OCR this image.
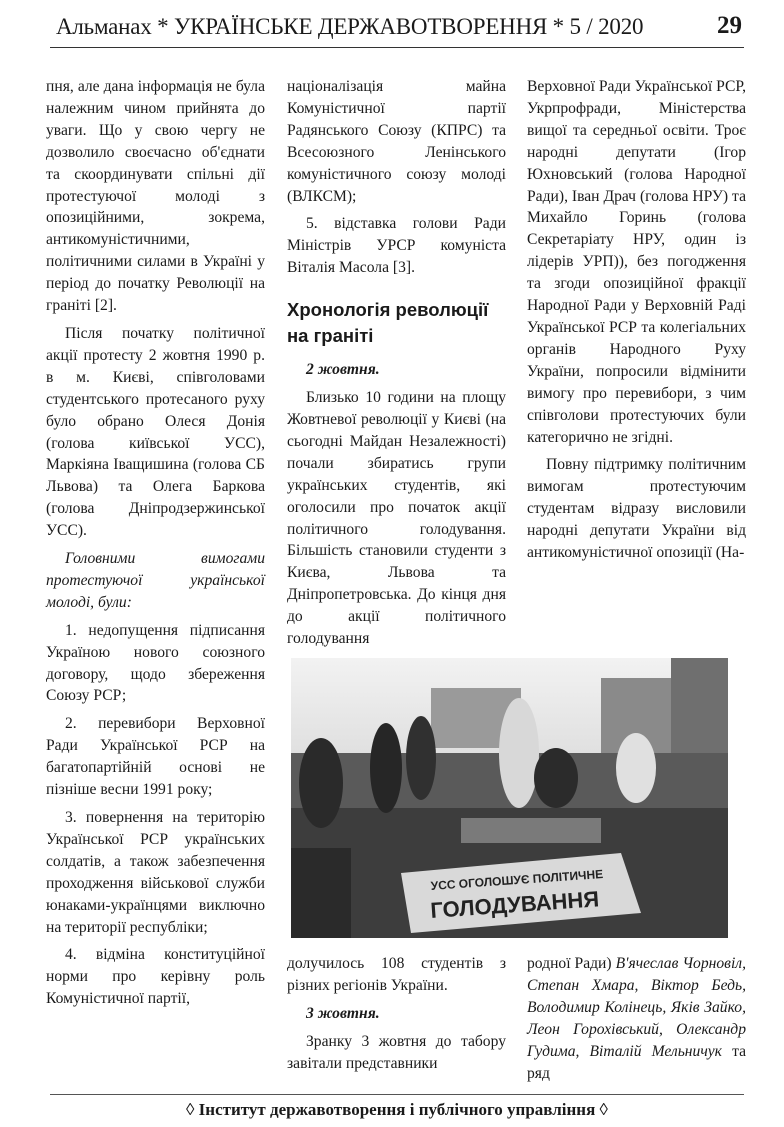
Альманах * УКРАЇНСЬКЕ ДЕРЖАВОТВОРЕННЯ * 5 / 2020	29

пня, але дана інформація не була належним чином прийнята до уваги. Що у свою чергу не дозволило своєчасно об'єднати та скоординувати спільні дії протестуючої молоді з опозиційними, зокрема, антикомуністичними, політичними силами в Україні у період до початку Революції на граніті [2].

Після початку політичної акції протесту 2 жовтня 1990 р. в м. Києві, співголовами студентського протесаного руху було обрано Олеся Донія (голова київської УСС), Маркіяна Іващишина (голова СБ Львова) та Олега Баркова (голова Дніпродзержинської УСС).

Головними вимогами протестуючої української молоді, були:

1. недопущення підписання Україною нового союзного договору, щодо збереження Союзу РСР;

2. перевибори Верховної Ради Української РСР на багатопартійній основі не пізніше весни 1991 року;

3. повернення на територію Української РСР українських солдатів, а також забезпечення проходження військової служби юнаками-українцями виключно на території республіки;

4. відміна конституційної норми про керівну роль Комуністичної партії,

націоналізація майна Комуністичної партії Радянського Союзу (КПРС) та Всесоюзного Ленінського комуністичного союзу молоді (ВЛКСМ);

5. відставка голови Ради Міністрів УРСР комуніста Віталія Масола [3].

Хронологія революції на граніті

2 жовтня.

Близько 10 години на площу Жовтневої революції у Києві (на сьогодні Майдан Незалежності) почали збиратись групи українських студентів, які оголосили про початок акції політичного голодування. Більшість становили студенти з Києва, Львова та Дніпропетровська. До кінця дня до акції політичного голодування

Верховної Ради Української РСР, Укрпрофради, Міністерства вищої та середньої освіти. Троє народні депутати (Ігор Юхновський (голова Народної Ради), Іван Драч (голова НРУ) та Михайло Горинь (голова Секретаріату НРУ, один із лідерів УРП)), без погодження та згоди опозиційної фракції Народної Ради у Верховній Раді Української РСР та колегіальних органів Народного Руху України, попросили відмінити вимогу про перевибори, з чим співголови протестуючих були категорично не згідні.

Повну підтримку політичним вимогам протестуючим студентам відразу висловили народні депутати України від антикомуністичної опозиції (На-

УСС ОГОЛОШУЄ ПОЛІТИЧНЕ
ГОЛОДУВАННЯ

долучилось 108 студентів з різних регіонів України.

3 жовтня.

Зранку 3 жовтня до табору завітали представники

родної Ради) В'ячеслав Чорновіл, Степан Хмара, Віктор Бедь, Володимир Колінець, Яків Зайко, Леон Горохівський, Олександр Гудима, Віталій Мельничук та ряд

◊ Інститут державотворення і публічного управління ◊
